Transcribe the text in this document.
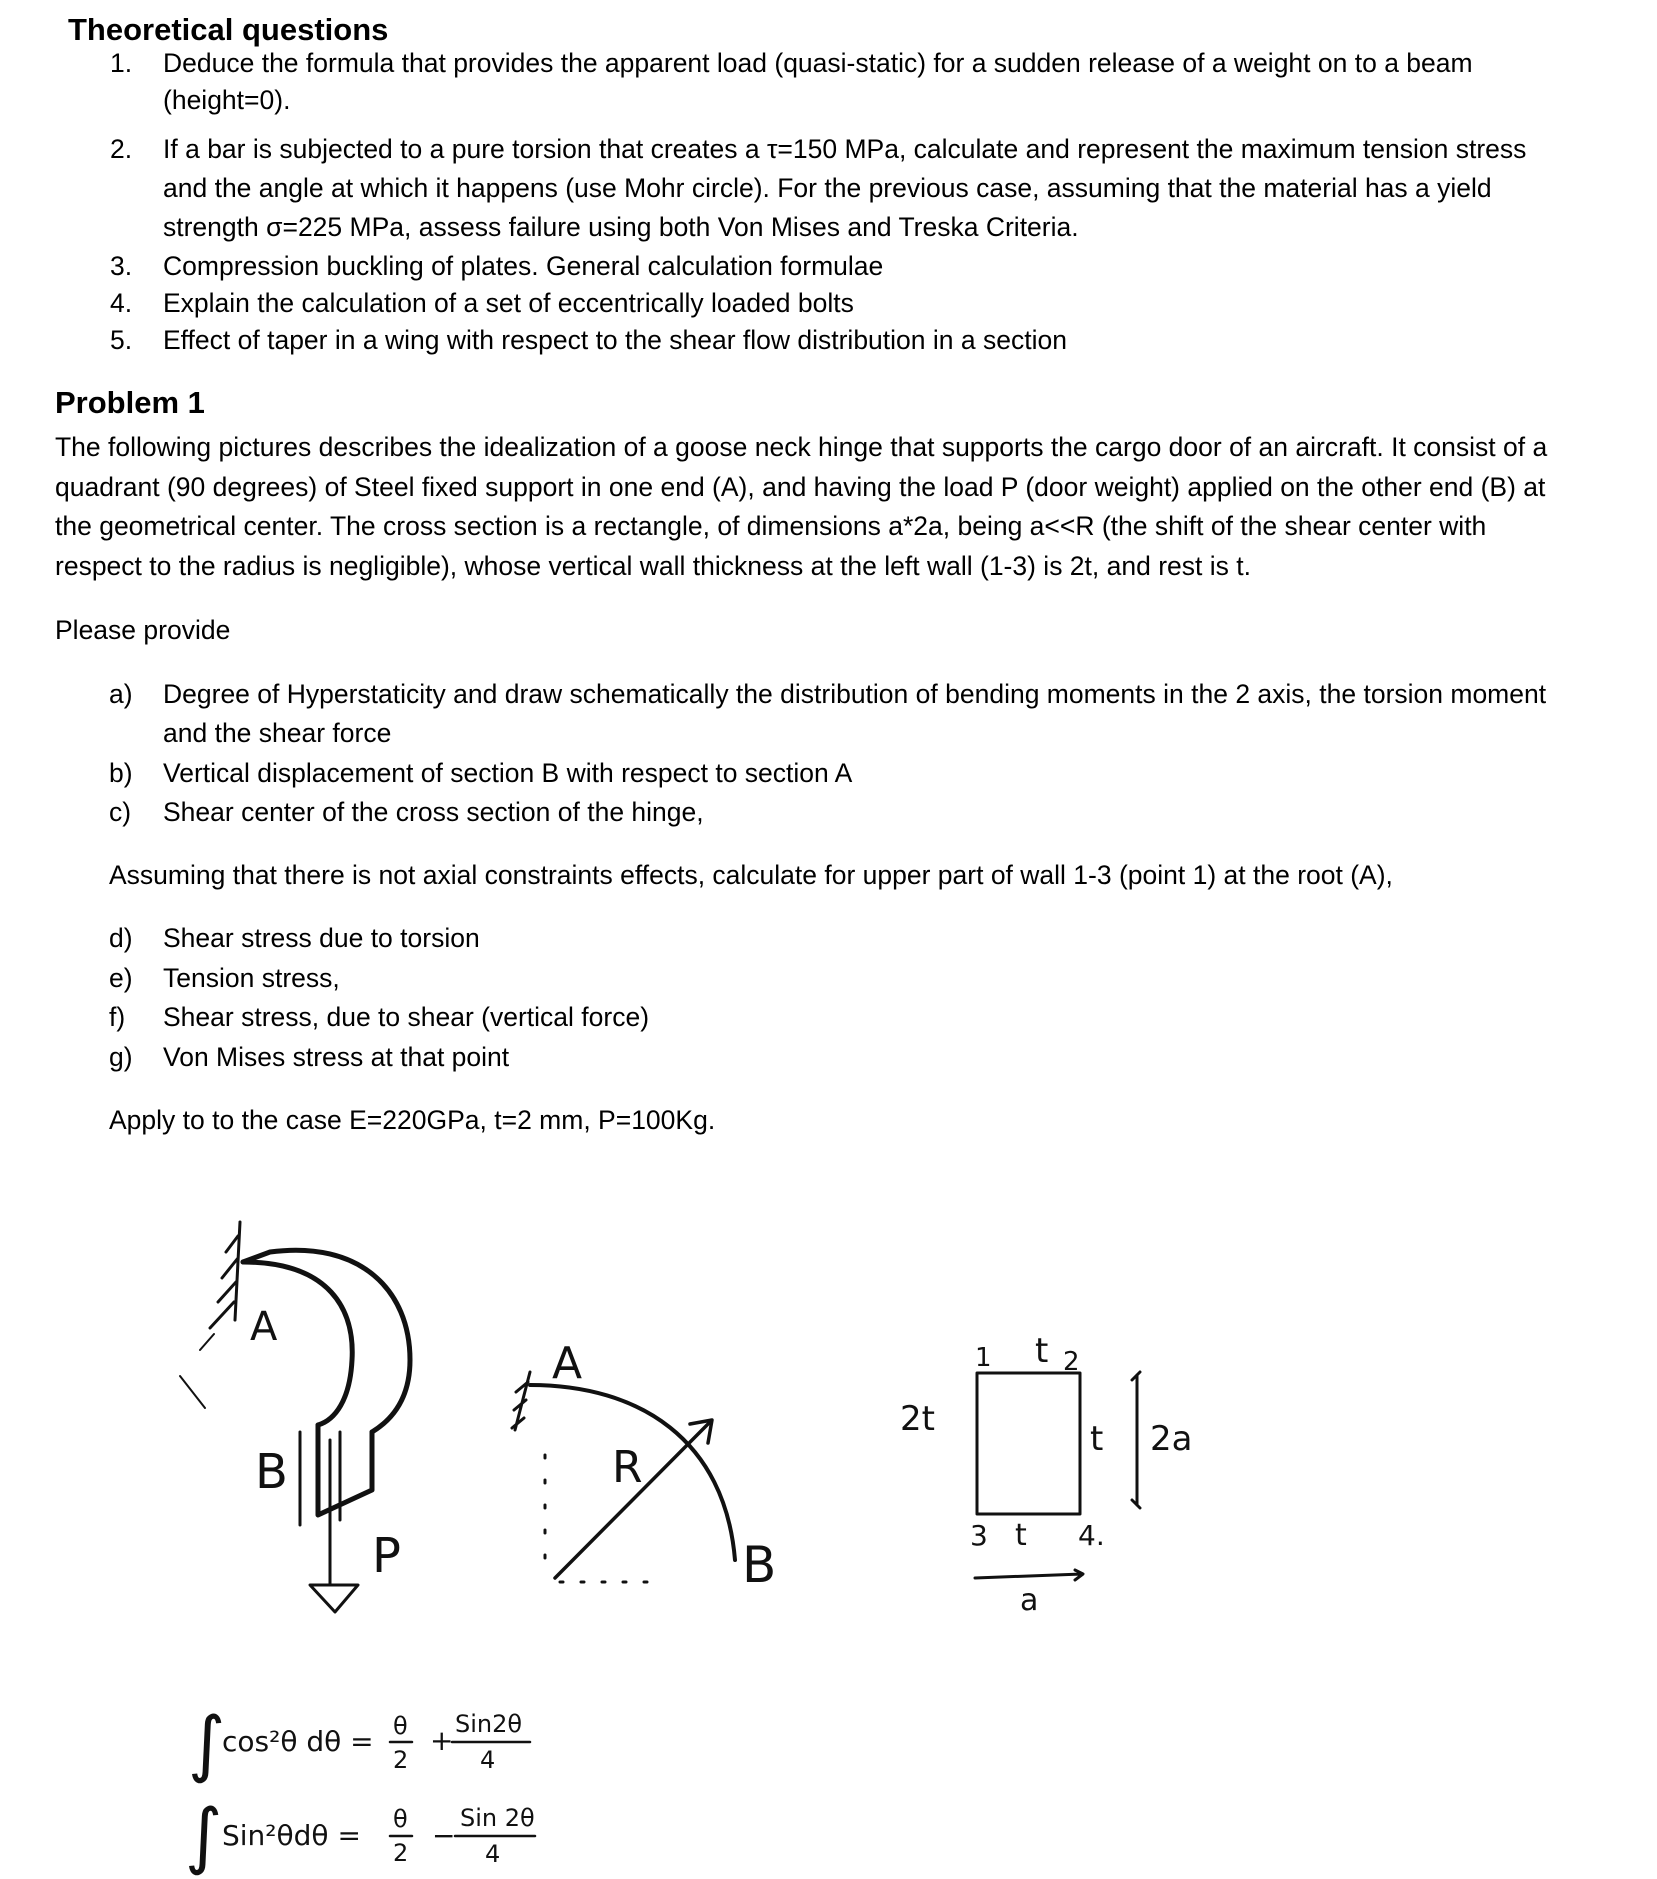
Theoretical questions
1. Deduce the formula that provides the apparent load (quasi-static) for a sudden release of a weight on to a beam
(height=0).
2. If a bar is subjected to a pure torsion that creates a τ=150 MPa, calculate and represent the maximum tension stress
and the angle at which it happens (use Mohr circle). For the previous case, assuming that the material has a yield
strength σ=225 MPa, assess failure using both Von Mises and Treska Criteria.
3. Compression buckling of plates. General calculation formulae
4. Explain the calculation of a set of eccentrically loaded bolts
5. Effect of taper in a wing with respect to the shear flow distribution in a section
Problem 1
The following pictures describes the idealization of a goose neck hinge that supports the cargo door of an aircraft. It consist of a
quadrant (90 degrees) of Steel fixed support in one end (A), and having the load P (door weight) applied on the other end (B) at
the geometrical center. The cross section is a rectangle, of dimensions a*2a, being a<<R (the shift of the shear center with
respect to the radius is negligible), whose vertical wall thickness at the left wall (1-3) is 2t, and rest is t.
Please provide
a) Degree of Hyperstaticity and draw schematically the distribution of bending moments in the 2 axis, the torsion moment
and the shear force
b) Vertical displacement of section B with respect to section A
c) Shear center of the cross section of the hinge,
Assuming that there is not axial constraints effects, calculate for upper part of wall 1-3 (point 1) at the root (A),
d) Shear stress due to torsion
e) Tension stress,
f) Shear stress, due to shear (vertical force)
g) Von Mises stress at that point
Apply to to the case E=220GPa, t=2 mm, P=100Kg.
A
B
P
A
R
B
1 t 2
2t	t 2a
3 t 4.
a
∫
cos²θ dθ = θ
2
+ Sin2θ
4
∫ Sin²θdθ = θ
2
−
Sin 2θ
4
